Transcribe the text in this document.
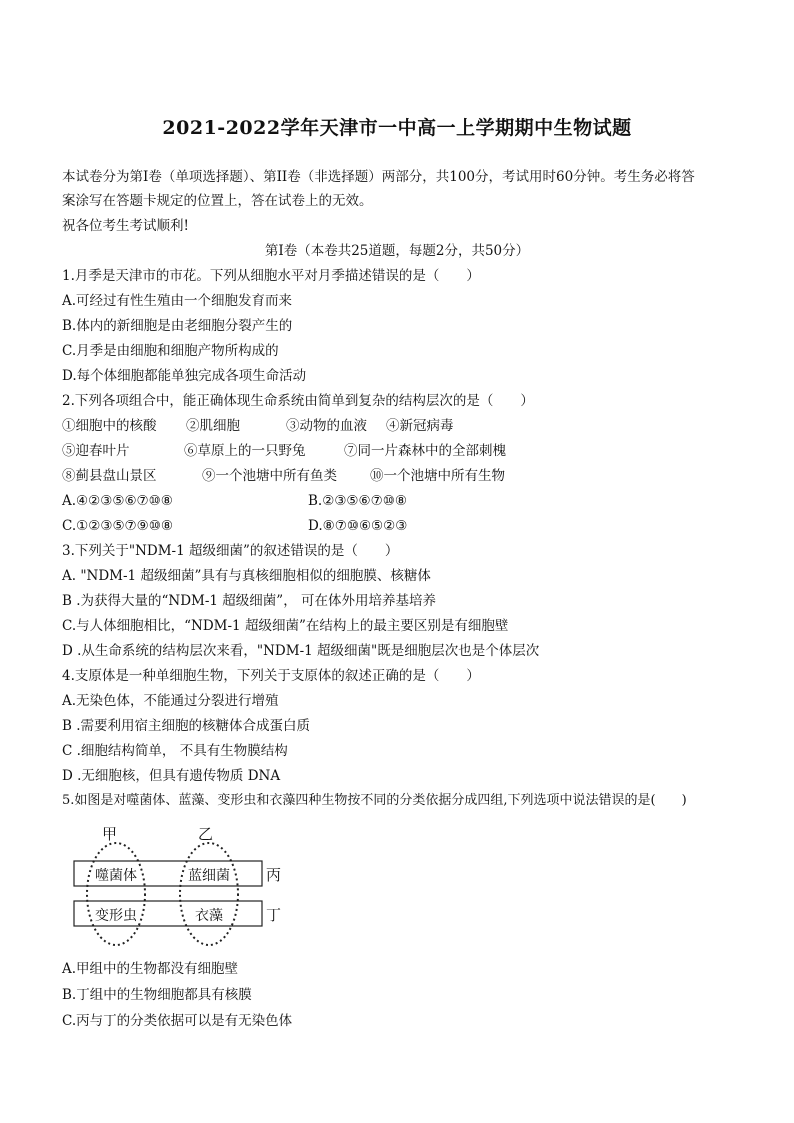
2021-2022学年天津市一中高一上学期期中生物试题
本试卷分为第I卷（单项选择题）、第II卷（非选择题）两部分，共100分，考试用时60分钟。考生务必将答
案涂写在答题卡规定的位置上，答在试卷上的无效。
祝各位考生考试顺利!
第I卷（本卷共25道题，每题2分，共50分）
1.月季是天津市的市花。下列从细胞水平对月季描述错误的是（　　）
A.可经过有性生殖由一个细胞发育而来
B.体内的新细胞是由老细胞分裂产生的
C.月季是由细胞和细胞产物所构成的
D.每个体细胞都能单独完成各项生命活动
2.下列各项组合中，能正确体现生命系统由简单到复杂的结构层次的是（　　）
①细胞中的核酸 ②肌细胞	③动物的血液 ④新冠病毒
⑤迎春叶片	⑥草原上的一只野兔	⑦同一片森林中的全部刺槐
⑧蓟县盘山景区	⑨一个池塘中所有鱼类 ⑩一个池塘中所有生物
A.④②③⑤⑥⑦⑩⑧	B.②③⑤⑥⑦⑩⑧
C.①②③⑤⑦⑨⑩⑧	D.⑧⑦⑩⑥⑤②③
3.下列关于"NDM-1 超级细菌”的叙述错误的是（　　）
A. "NDM-1 超级细菌”具有与真核细胞相似的细胞膜、核糖体
B .为获得大量的“NDM-1 超级细菌”， 可在体外用培养基培养
C.与人体细胞相比，“NDM-1 超级细菌”在结构上的最主要区别是有细胞壁
D .从生命系统的结构层次来看，"NDM-1 超级细菌"既是细胞层次也是个体层次
4.支原体是一种单细胞生物，下列关于支原体的叙述正确的是（　　）
A.无染色体，不能通过分裂进行增殖
B .需要利用宿主细胞的核糖体合成蛋白质
C .细胞结构简单， 不具有生物膜结构
D .无细胞核，但具有遗传物质 DNA
5.如图是对噬菌体、蓝藻、变形虫和衣藻四种生物按不同的分类依据分成四组,下列选项中说法错误的是(　　)
甲	乙
丙
丁
噬菌体	蓝细菌
变形虫	衣藻
A.甲组中的生物都没有细胞壁
B.丁组中的生物细胞都具有核膜
C.丙与丁的分类依据可以是有无染色体
